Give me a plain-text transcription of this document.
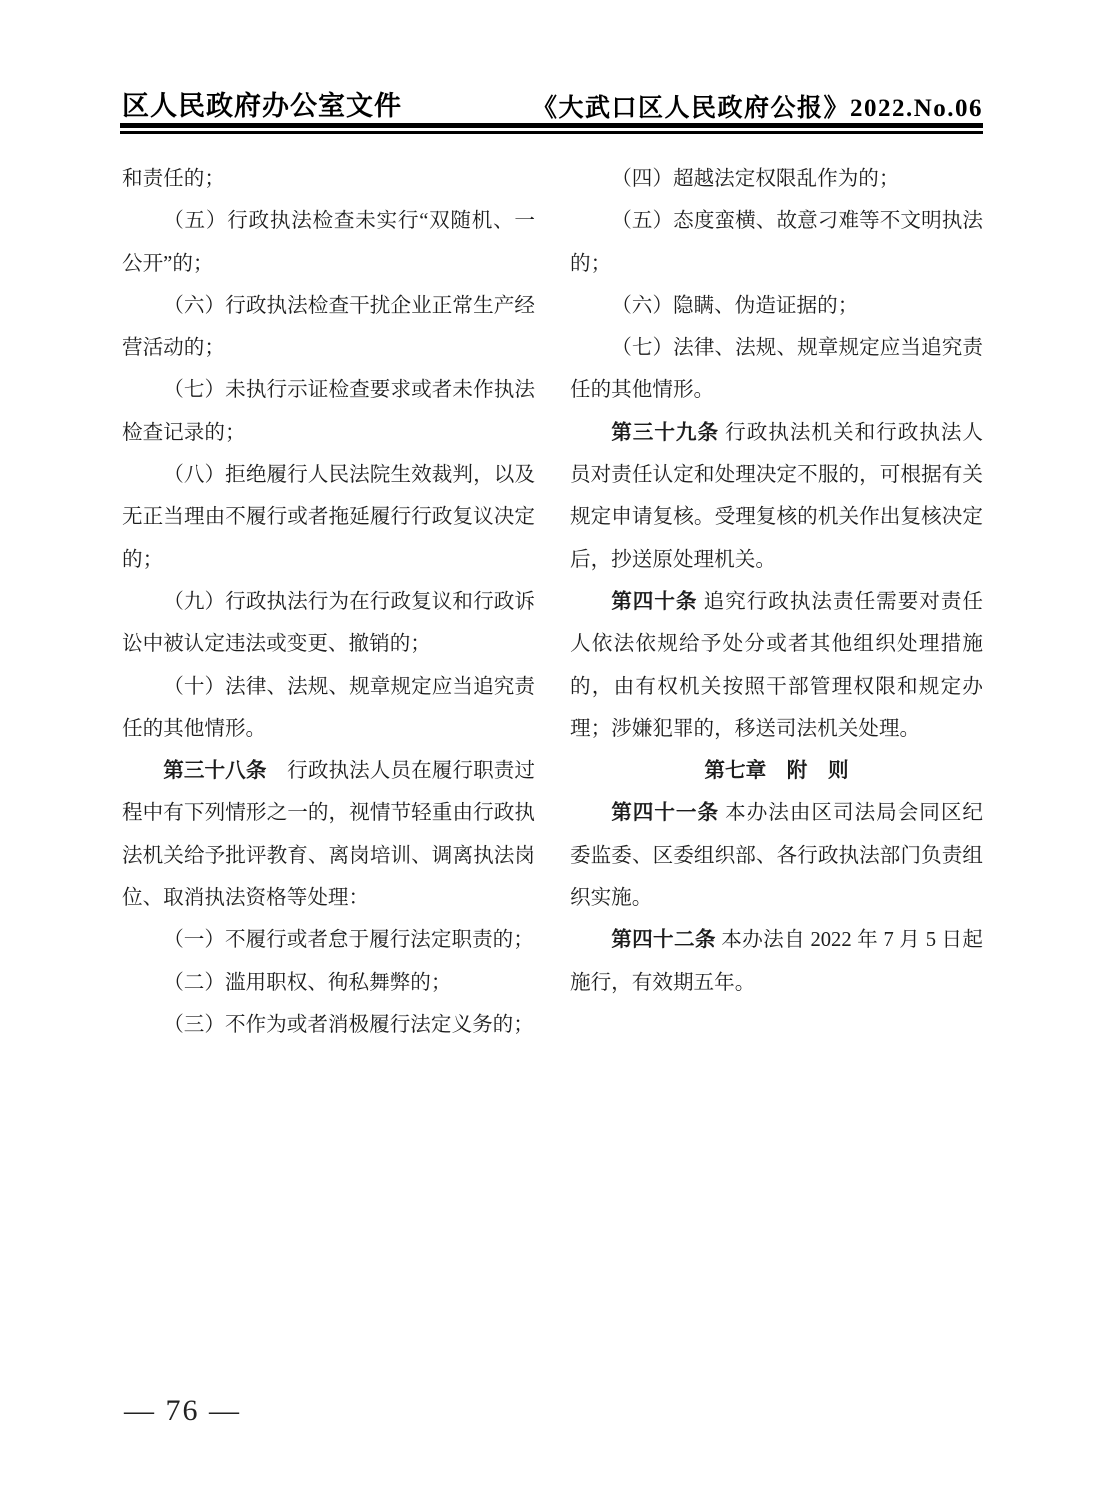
区人民政府办公室文件	《大武口区人民政府公报》2022.No.06

和责任的；

（五）行政执法检查未实行“双随机、一公开”的；

（六）行政执法检查干扰企业正常生产经营活动的；

（七）未执行示证检查要求或者未作执法检查记录的；

（八）拒绝履行人民法院生效裁判，以及无正当理由不履行或者拖延履行行政复议决定的；

（九）行政执法行为在行政复议和行政诉讼中被认定违法或变更、撤销的；

（十）法律、法规、规章规定应当追究责任的其他情形。

第三十八条　 行政执法人员在履行职责过程中有下列情形之一的，视情节轻重由行政执法机关给予批评教育、离岗培训、调离执法岗位、取消执法资格等处理：

（一）不履行或者怠于履行法定职责的；

（二）滥用职权、徇私舞弊的；

（三）不作为或者消极履行法定义务的；

（四）超越法定权限乱作为的；

（五）态度蛮横、故意刁难等不文明执法的；

（六）隐瞒、伪造证据的；

（七）法律、法规、规章规定应当追究责任的其他情形。

第三十九条 行政执法机关和行政执法人员对责任认定和处理决定不服的，可根据有关规定申请复核。受理复核的机关作出复核决定后，抄送原处理机关。

第四十条 追究行政执法责任需要对责任人依法依规给予处分或者其他组织处理措施的，由有权机关按照干部管理权限和规定办理；涉嫌犯罪的，移送司法机关处理。

第七章　附　则

第四十一条 本办法由区司法局会同区纪委监委、区委组织部、各行政执法部门负责组织实施。

第四十二条 本办法自 2022 年 7 月 5 日起施行，有效期五年。

— 76 —
